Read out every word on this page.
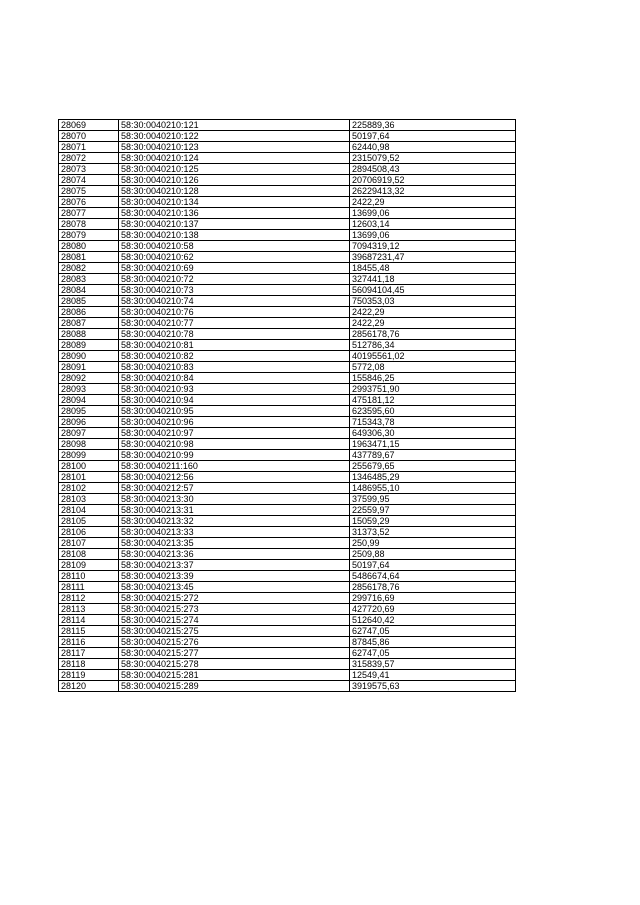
28069	58:30:0040210:121	225889,36
28070	58:30:0040210:122	50197,64
28071	58:30:0040210:123	62440,98
28072	58:30:0040210:124	2315079,52
28073	58:30:0040210:125	2894508,43
28074	58:30:0040210:126	20706919,52
28075	58:30:0040210:128	26229413,32
28076	58:30:0040210:134	2422,29
28077	58:30:0040210:136	13699,06
28078	58:30:0040210:137	12603,14
28079	58:30:0040210:138	13699,06
28080	58:30:0040210:58	7094319,12
28081	58:30:0040210:62	39687231,47
28082	58:30:0040210:69	18455,48
28083	58:30:0040210:72	327441,18
28084	58:30:0040210:73	56094104,45
28085	58:30:0040210:74	750353,03
28086	58:30:0040210:76	2422,29
28087	58:30:0040210:77	2422,29
28088	58:30:0040210:78	2856178,76
28089	58:30:0040210:81	512786,34
28090	58:30:0040210:82	40195561,02
28091	58:30:0040210:83	5772,08
28092	58:30:0040210:84	155846,25
28093	58:30:0040210:93	2993751,90
28094	58:30:0040210:94	475181,12
28095	58:30:0040210:95	623595,60
28096	58:30:0040210:96	715343,78
28097	58:30:0040210:97	649306,30
28098	58:30:0040210:98	1963471,15
28099	58:30:0040210:99	437789,67
28100	58:30:0040211:160	255679,65
28101	58:30:0040212:56	1346485,29
28102	58:30:0040212:57	1486955,10
28103	58:30:0040213:30	37599,95
28104	58:30:0040213:31	22559,97
28105	58:30:0040213:32	15059,29
28106	58:30:0040213:33	31373,52
28107	58:30:0040213:35	250,99
28108	58:30:0040213:36	2509,88
28109	58:30:0040213:37	50197,64
28110	58:30:0040213:39	5486674,64
28111	58:30:0040213:45	2856178,76
28112	58:30:0040215:272	299716,69
28113	58:30:0040215:273	427720,69
28114	58:30:0040215:274	512640,42
28115	58:30:0040215:275	62747,05
28116	58:30:0040215:276	87845,86
28117	58:30:0040215:277	62747,05
28118	58:30:0040215:278	315839,57
28119	58:30:0040215:281	12549,41
28120	58:30:0040215:289	3919575,63
